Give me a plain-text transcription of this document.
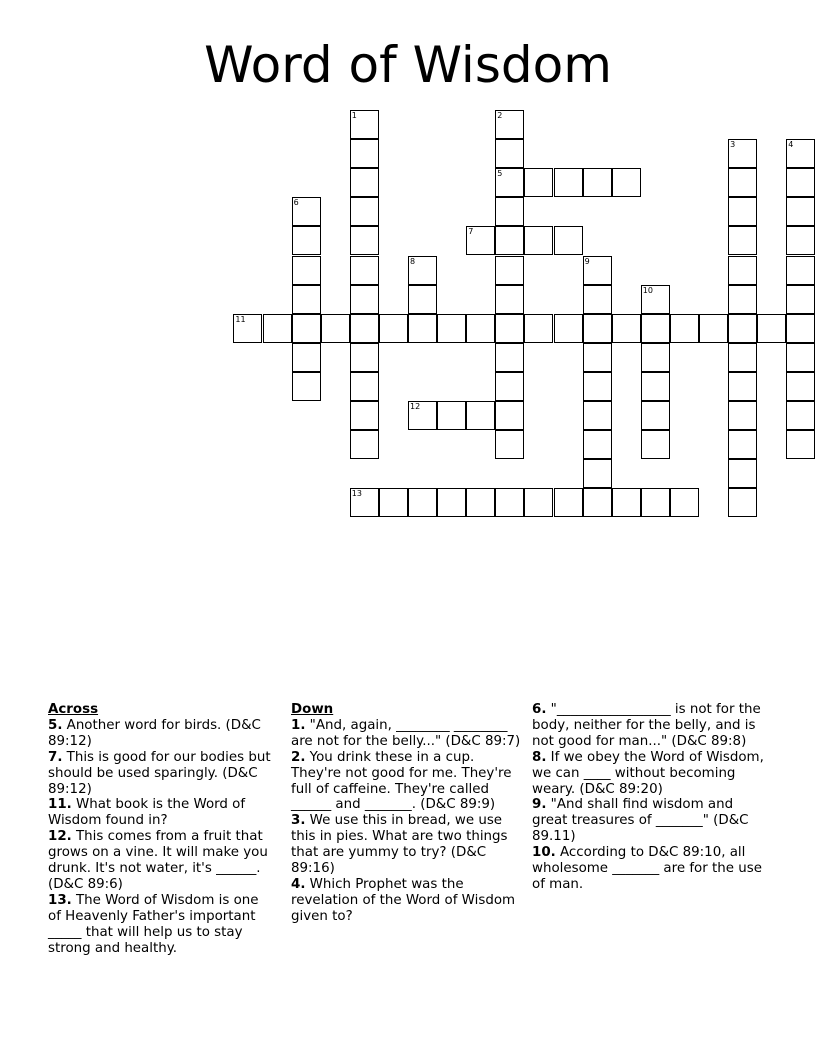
Word of Wisdom
1	2
5
3	4
6
7
8	9
10
11
12
13
Across
5. Another word for birds. (D&C 89:12)
7. This is good for our bodies but should be used sparingly. (D&C 89:12)
11. What book is the Word of Wisdom found in?
12. This comes from a fruit that grows on a vine. It will make you drunk. It's not water, it's ______. (D&C 89:6)
13. The Word of Wisdom is one of Heavenly Father's important _____ that will help us to stay strong and healthy.
Down
1. "And, again, ________ ________ are not for the belly..." (D&C 89:7)
2. You drink these in a cup. They're not good for me. They're full of caffeine. They're called ______ and _______. (D&C 89:9)
3. We use this in bread, we use this in pies. What are two things that are yummy to try? (D&C 89:16)
4. Which Prophet was the revelation of the Word of Wisdom given to?
6. "_________________ is not for the body, neither for the belly, and is not good for man..." (D&C 89:8)
8. If we obey the Word of Wisdom, we can ____ without becoming weary. (D&C 89:20)
9. "And shall find wisdom and great treasures of _______" (D&C 89.11)
10. According to D&C 89:10, all wholesome _______ are for the use of man.
